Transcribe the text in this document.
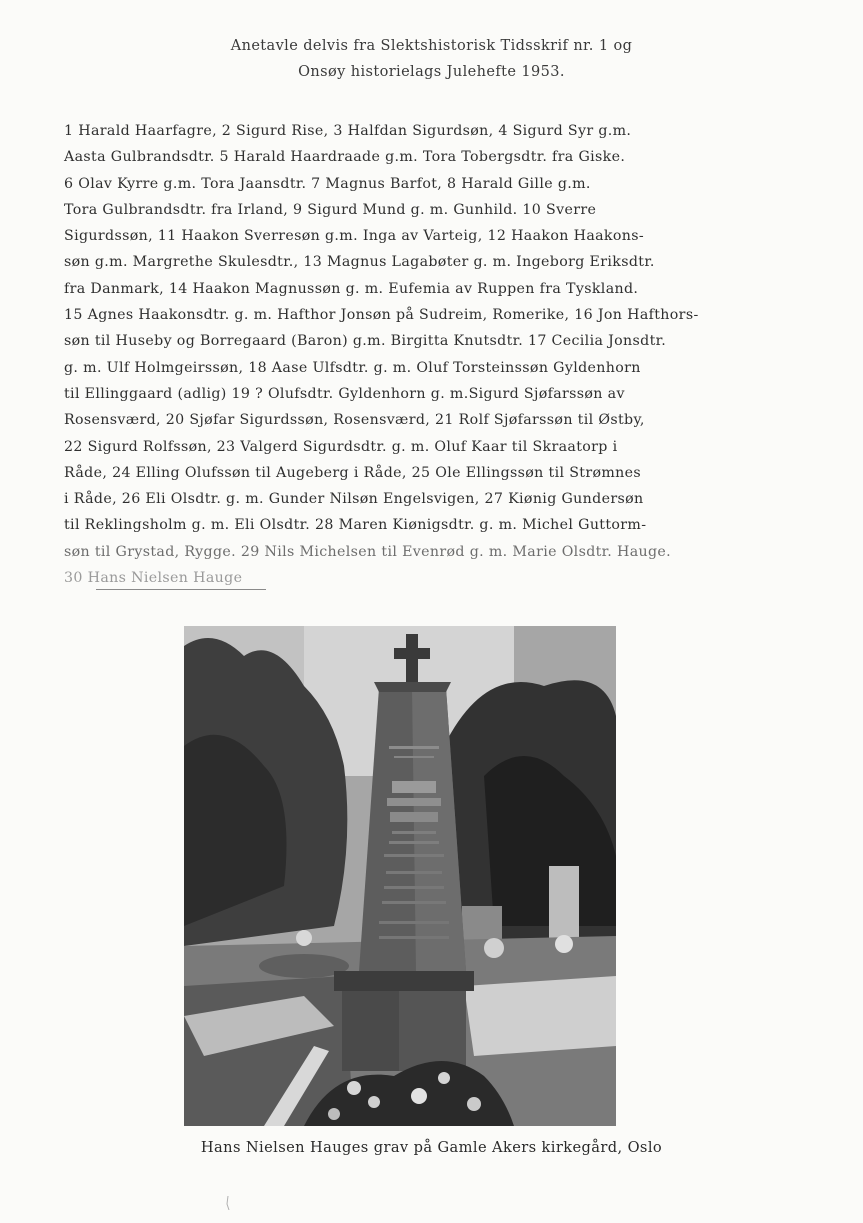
Anetavle delvis fra Slektshistorisk Tidsskrif nr. 1 og
Onsøy historielags Julehefte 1953.
1 Harald Haarfagre, 2 Sigurd Rise, 3 Halfdan Sigurdsøn, 4 Sigurd Syr g.m.
Aasta Gulbrandsdtr. 5 Harald Haardraade g.m. Tora Tobergsdtr. fra Giske.
6 Olav Kyrre g.m. Tora Jaansdtr. 7 Magnus Barfot, 8 Harald Gille g.m.
Tora Gulbrandsdtr. fra Irland, 9 Sigurd Mund g. m. Gunhild. 10 Sverre
Sigurdssøn, 11 Haakon Sverresøn g.m. Inga av Varteig, 12 Haakon Haakons-
søn g.m. Margrethe Skulesdtr., 13 Magnus Lagabøter g. m. Ingeborg Eriksdtr.
fra Danmark, 14 Haakon Magnussøn g. m. Eufemia av Ruppen fra Tyskland.
15 Agnes Haakonsdtr. g. m. Hafthor Jonsøn på Sudreim, Romerike, 16 Jon Hafthors-
søn til Huseby og Borregaard (Baron) g.m. Birgitta Knutsdtr. 17 Cecilia Jonsdtr.
g. m. Ulf Holmgeirssøn, 18 Aase Ulfsdtr. g. m. Oluf Torsteinssøn Gyldenhorn
til Ellinggaard (adlig) 19 ? Olufsdtr. Gyldenhorn g. m.Sigurd Sjøfarssøn av
Rosensværd, 20 Sjøfar Sigurdssøn, Rosensværd, 21 Rolf Sjøfarssøn til Østby,
22 Sigurd Rolfssøn, 23 Valgerd Sigurdsdtr. g. m. Oluf Kaar til Skraatorp i
Råde, 24 Elling Olufssøn til Augeberg i Råde, 25 Ole Ellingssøn til Strømnes
i Råde, 26 Eli Olsdtr. g. m. Gunder Nilsøn Engelsvigen, 27 Kiønig Gundersøn
til Reklingsholm g. m. Eli Olsdtr. 28 Maren Kiønigsdtr. g. m. Michel Guttorm-
søn til Grystad, Rygge. 29 Nils Michelsen til Evenrød g. m. Marie Olsdtr. Hauge.
30 Hans Nielsen Hauge
Hans Nielsen Hauges grav på Gamle Akers kirkegård, Oslo
